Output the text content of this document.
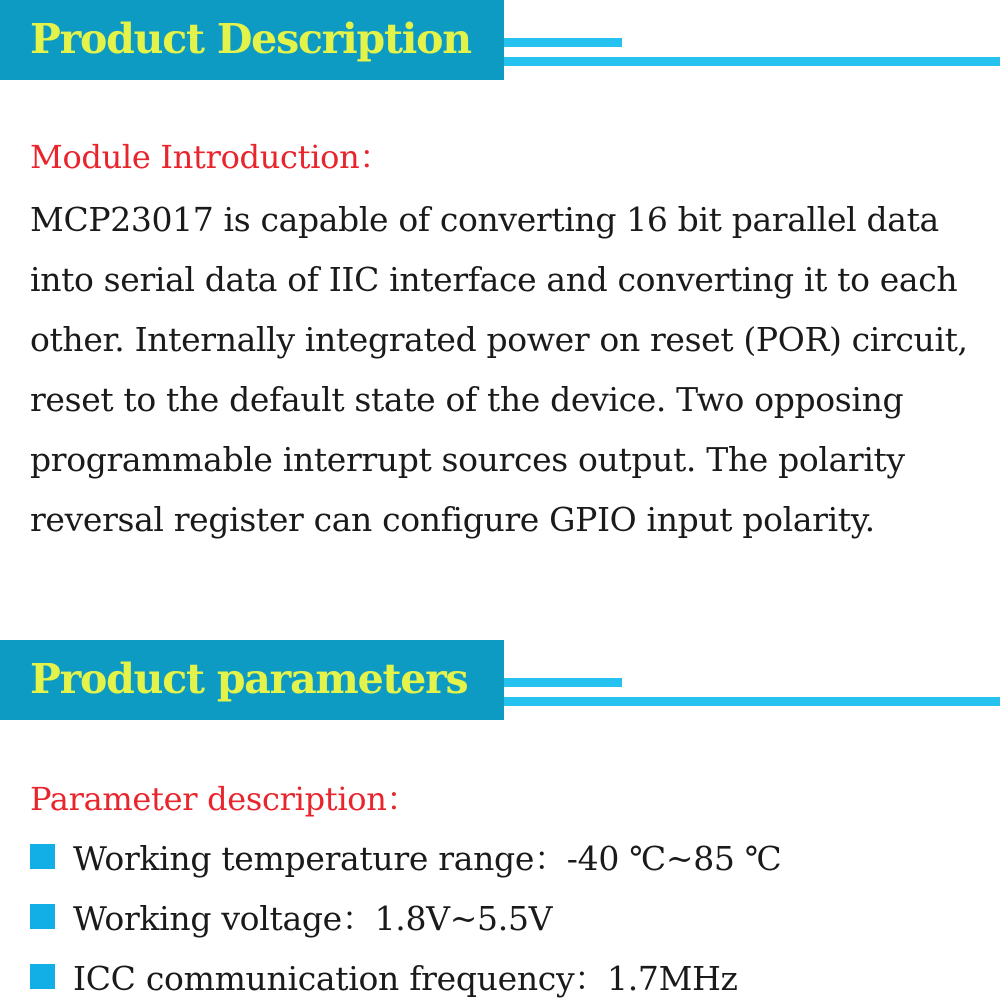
Product Description
Module Introduction：
MCP23017 is capable of converting 16 bit parallel data
into serial data of IIC interface and converting it to each
other. Internally integrated power on reset (POR) circuit,
reset to the default state of the device. Two opposing
programmable interrupt sources output. The polarity
reversal register can configure GPIO input polarity.
Product parameters
Parameter description：
Working temperature range：-40 ℃~85 ℃
Working voltage：1.8V~5.5V
ICC communication frequency：1.7MHz
